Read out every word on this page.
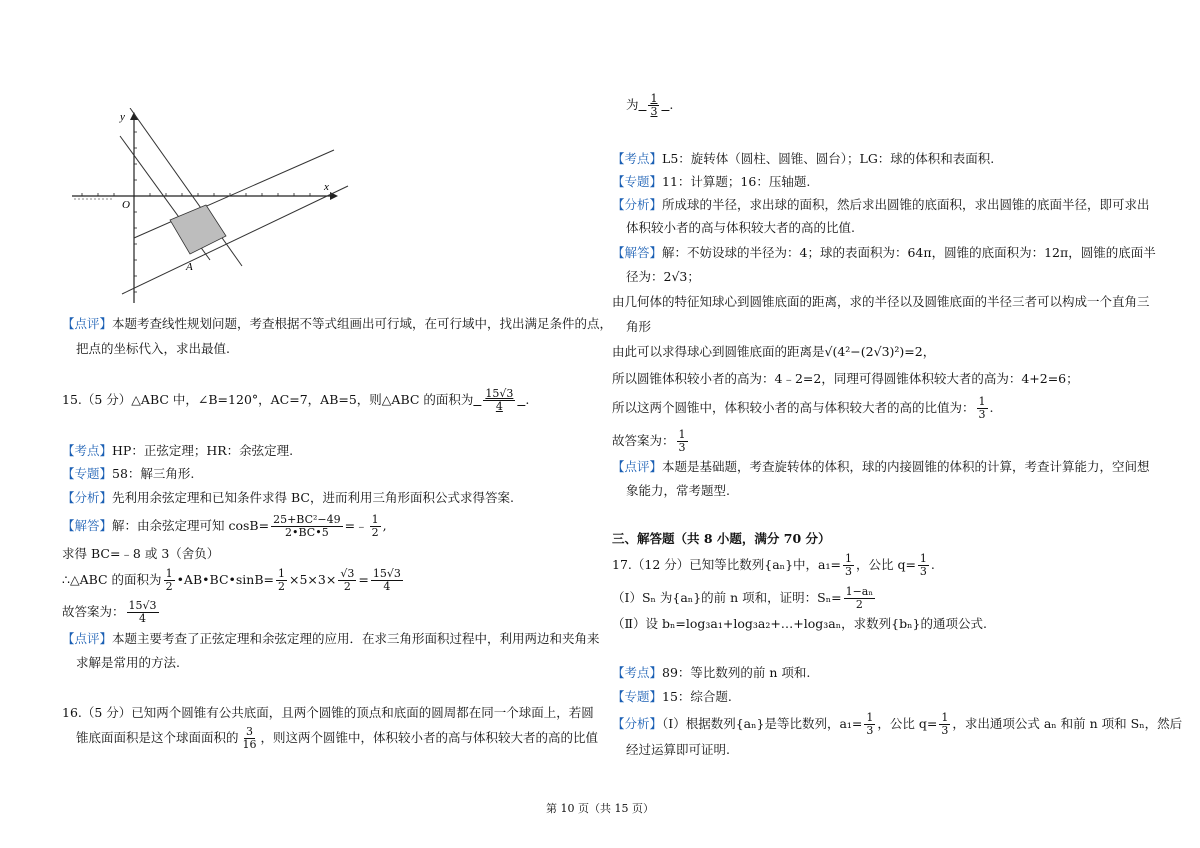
y
x
O
A
【点评】本题考查线性规划问题，考查根据不等式组画出可行域，在可行域中，找出满足条件的点，
把点的坐标代入，求出最值.
15.（5 分）△ABC 中，∠B=120°，AC=7，AB=5，则△ABC 的面积为 $\frac{15√3}{4}$ .
【考点】HP：正弦定理；HR：余弦定理.
【专题】58：解三角形.
【分析】先利用余弦定理和已知条件求得 BC，进而利用三角形面积公式求得答案.
【解答】解：由余弦定理可知 $\cos B= \frac{\text{25+BC²−49}}{2•BC•5}$ =﹣ $\frac{1}{2}$ ,
求得 BC=﹣8 或 3（舍负）
∴△ABC 的面积为 $\frac{1}{2}$ •AB•BC•sinB= $\frac{1}{2} \times 5\times 3\times \frac{√3}{2} = \frac{15√3}{4}$
故答案为： $\frac{15√3}{4}$
【点评】本题主要考查了正弦定理和余弦定理的应用．在求三角形面积过程中，利用两边和夹角来
求解是常用的方法.
16.（5 分）已知两个圆锥有公共底面，且两个圆锥的顶点和底面的圆周都在同一个球面上，若圆
锥底面面积是这个球面面积的 $\frac{3}{16}$ ，则这两个圆锥中，体积较小者的高与体积较大者的高的比值
为 $\frac{1}{3}$ .
【考点】L5：旋转体（圆柱、圆锥、圆台）；LG：球的体积和表面积.
【专题】11：计算题；16：压轴题.
【分析】所成球的半径，求出球的面积，然后求出圆锥的底面积，求出圆锥的底面半径，即可求出
体积较小者的高与体积较大者的高的比值.
【解答】解：不妨设球的半径为：4；球的表面积为：64π，圆锥的底面积为：12π，圆锥的底面半
径为：2√3；
由几何体的特征知球心到圆锥底面的距离，求的半径以及圆锥底面的半径三者可以构成一个直角三
角形
由此可以求得球心到圆锥底面的距离是√(4²−(2√3)²)=2，
所以圆锥体积较小者的高为：4﹣2=2，同理可得圆锥体积较大者的高为：4+2=6；
所以这两个圆锥中，体积较小者的高与体积较大者的高的比值为： $\frac{1}{3}$ .
故答案为： $\frac{1}{3}$
【点评】本题是基础题，考查旋转体的体积，球的内接圆锥的体积的计算，考查计算能力，空间想
象能力，常考题型.
三、解答题（共 8 小题，满分 70 分）
17.（12 分）已知等比数列{aₙ}中，$a_1= \frac{1}{3}$ ，公比 $q= \frac{1}{3}$ .
（Ⅰ）Sₙ 为{aₙ}的前 n 项和，证明：$S_n= \frac{\text{1−aₙ}}{2}$
（Ⅱ）设 bₙ=log₃a₁+log₃a₂+…+log₃aₙ，求数列{bₙ}的通项公式.
【考点】89：等比数列的前 n 项和.
【专题】15：综合题.
【分析】（Ⅰ）根据数列{aₙ}是等比数列，$a_1= \frac{1}{3}$ ，公比 $q= \frac{1}{3}$ ，求出通项公式 aₙ 和前 n 项和 Sₙ，然后
经过运算即可证明.
第 10 页（共 15 页）
